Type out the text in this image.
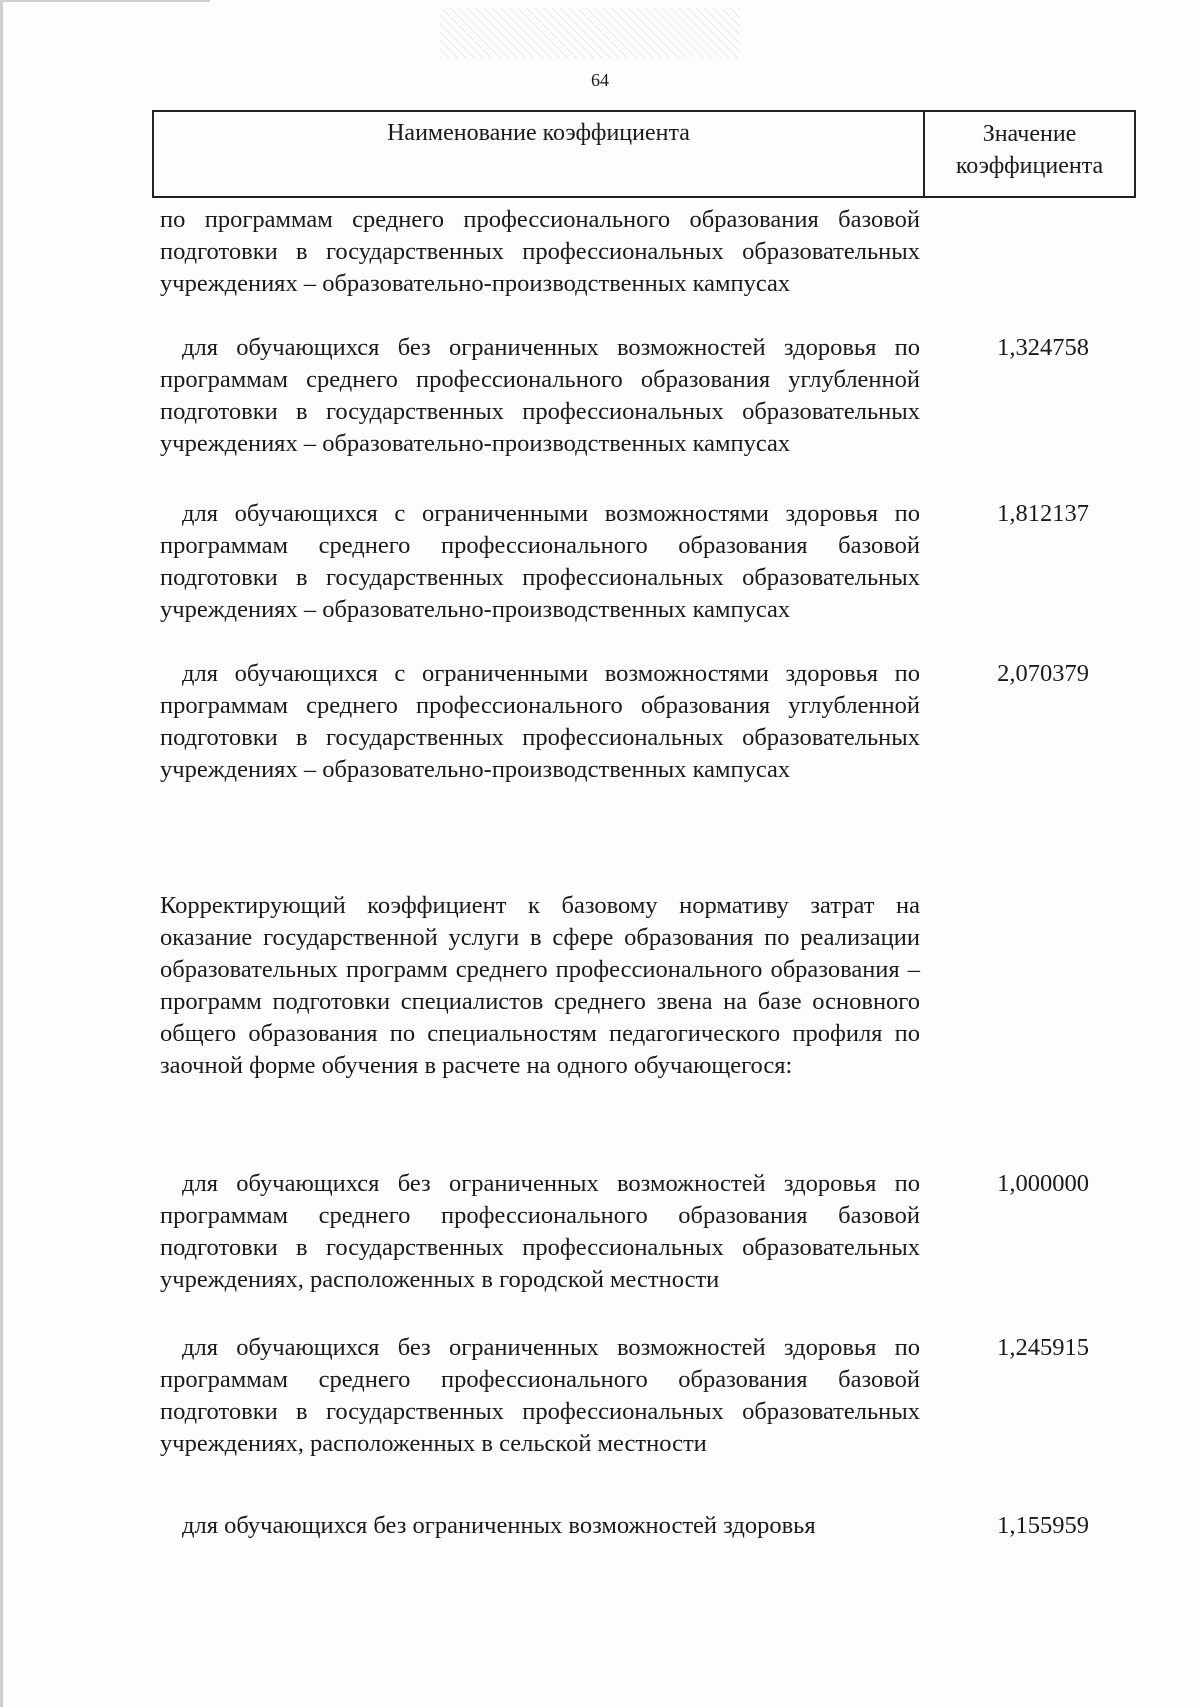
64
Наименование коэффициента	Значение коэффициента
по программам среднего профессионального образования базовой подготовки в государственных профессиональных образовательных учреждениях – образовательно-производственных кампусах
для обучающихся без ограниченных возможностей здоровья по программам среднего профессионального образования углубленной подготовки в государственных профессиональных образовательных учреждениях – образовательно-производственных кампусах
1,324758
для обучающихся с ограниченными возможностями здоровья по программам среднего профессионального образования базовой подготовки в государственных профессиональных образовательных учреждениях – образовательно-производственных кампусах
1,812137
для обучающихся с ограниченными возможностями здоровья по программам среднего профессионального образования углубленной подготовки в государственных профессиональных образовательных учреждениях – образовательно-производственных кампусах
2,070379
Корректирующий коэффициент к базовому нормативу затрат на оказание государственной услуги в сфере образования по реализации образовательных программ среднего профессионального образования – программ подготовки специалистов среднего звена на базе основного общего образования по специальностям педагогического профиля по заочной форме обучения в расчете на одного обучающегося:
для обучающихся без ограниченных возможностей здоровья по программам среднего профессионального образования базовой подготовки в государственных профессиональных образовательных учреждениях, расположенных в городской местности
1,000000
для обучающихся без ограниченных возможностей здоровья по программам среднего профессионального образования базовой подготовки в государственных профессиональных образовательных учреждениях, расположенных в сельской местности
1,245915
для обучающихся без ограниченных возможностей здоровья	1,155959
